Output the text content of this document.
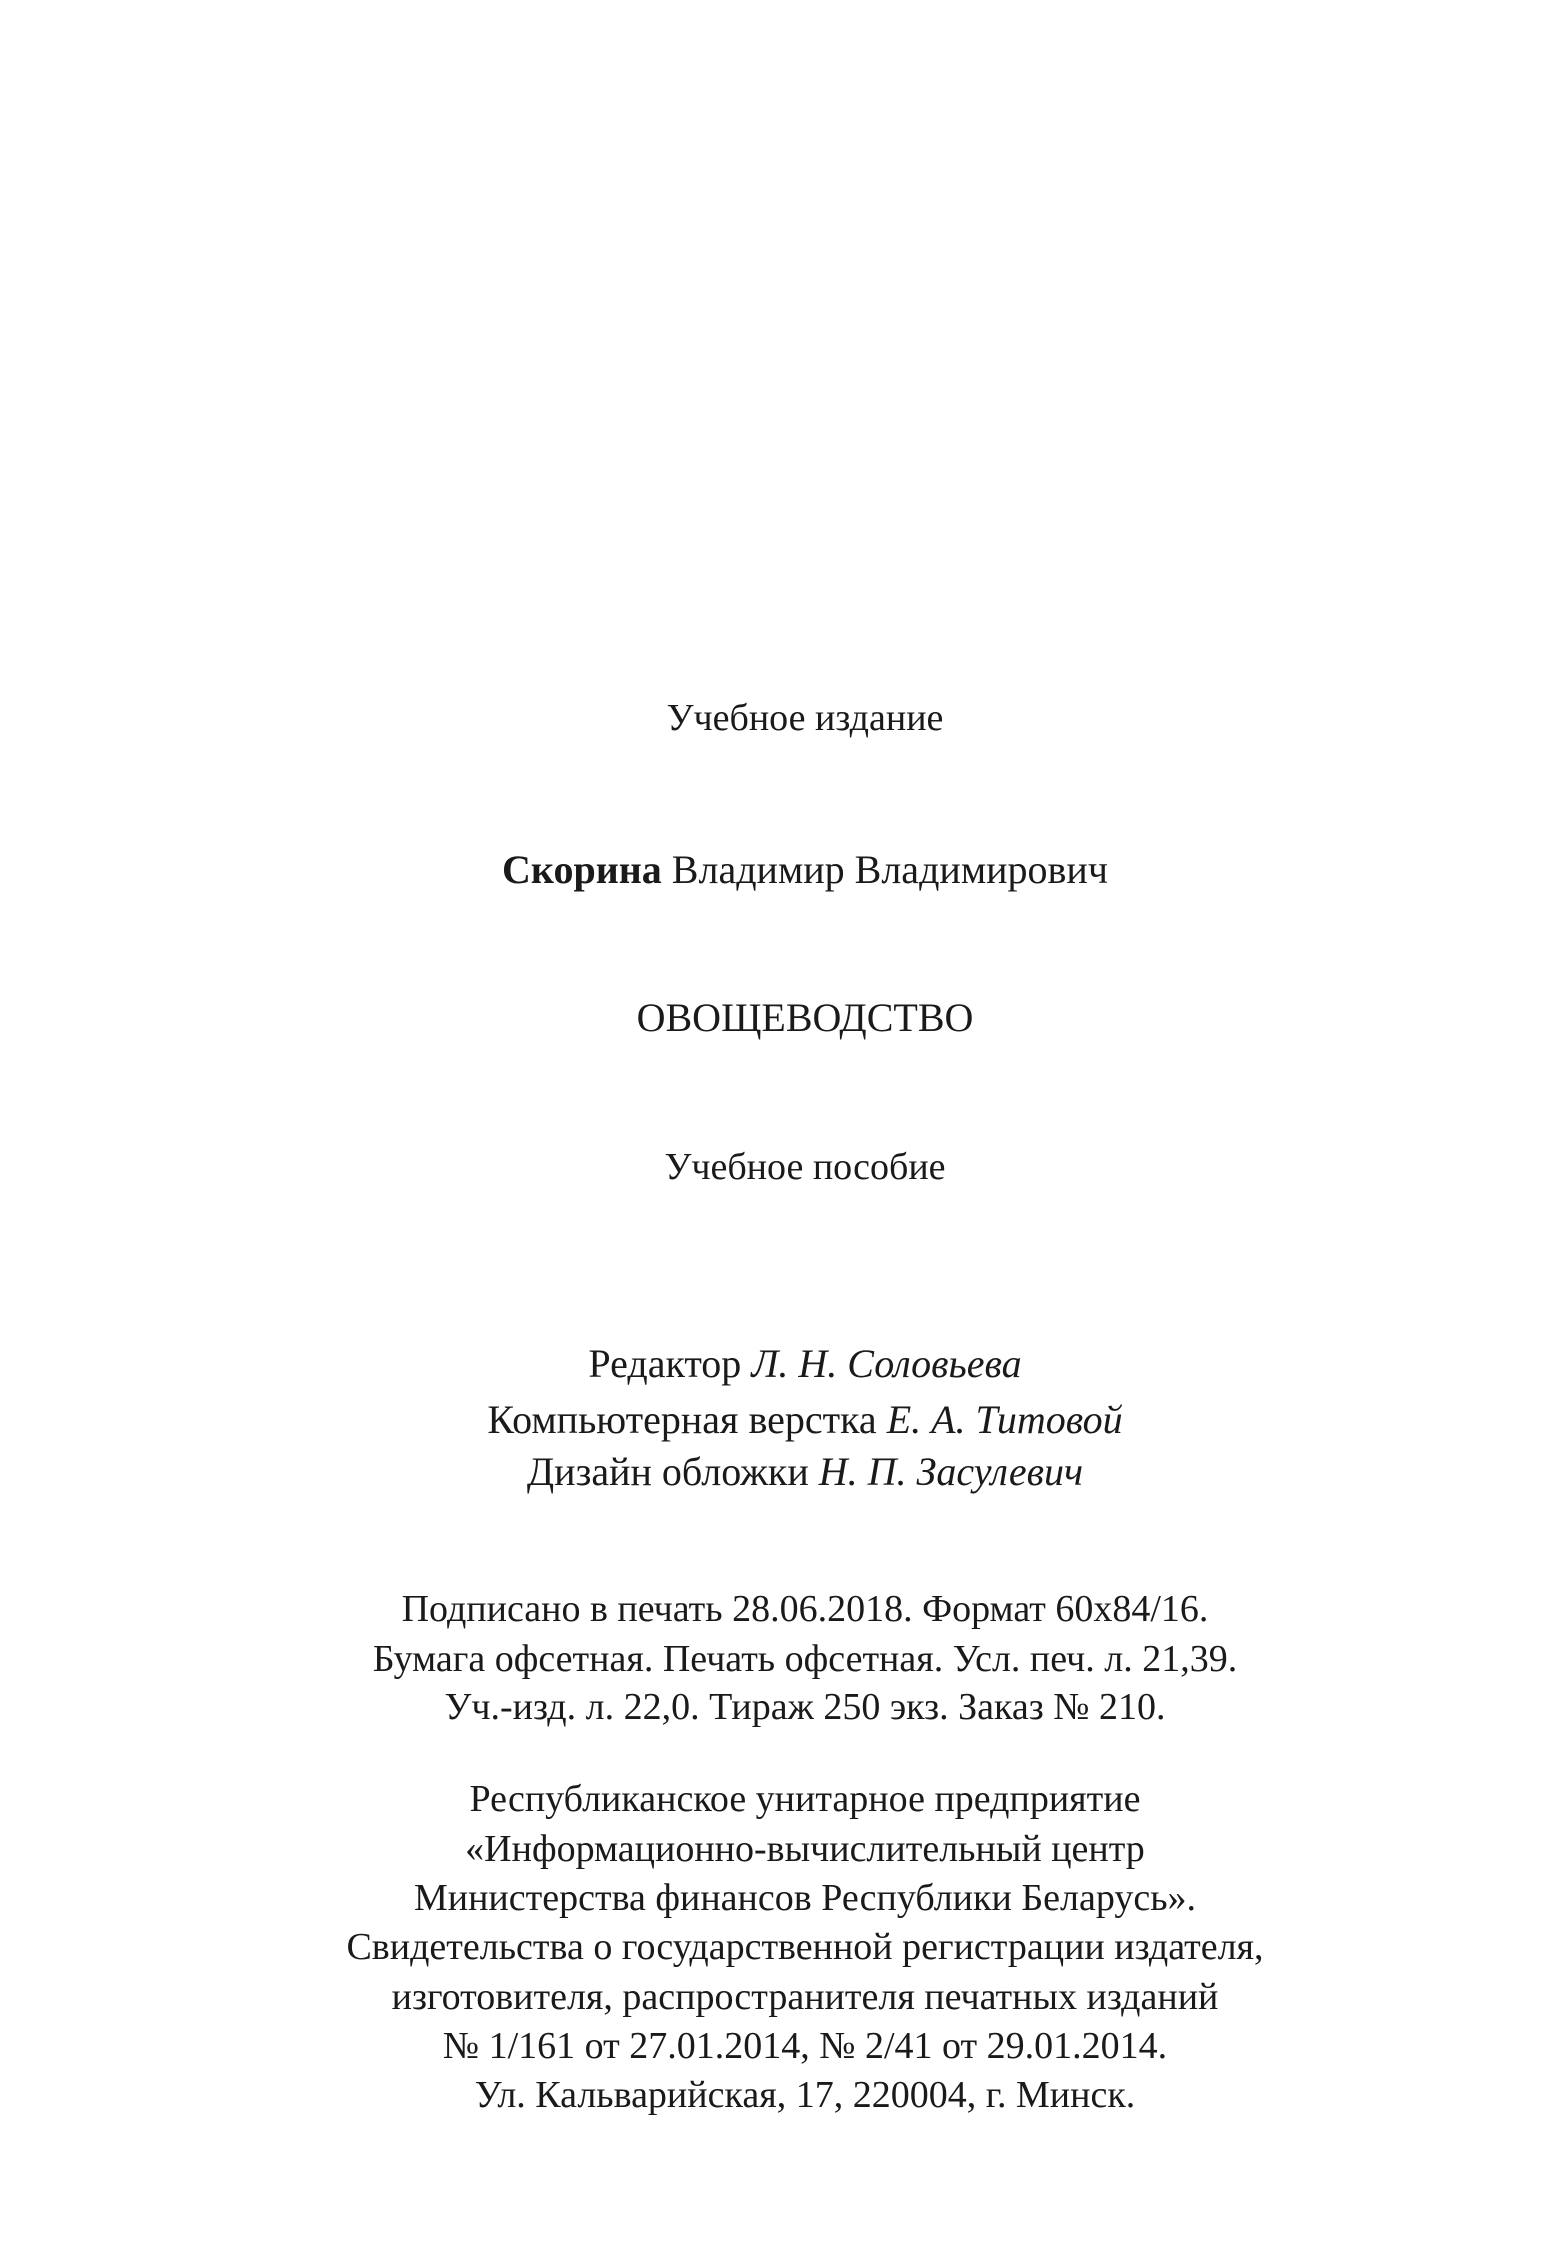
Учебное издание
Скорина Владимир Владимирович
ОВОЩЕВОДСТВО
Учебное пособие
Редактор Л. Н. Соловьева
Компьютерная верстка Е. А. Титовой
Дизайн обложки Н. П. Засулевич
Подписано в печать 28.06.2018. Формат 60x84/16.
Бумага офсетная. Печать офсетная. Усл. печ. л. 21,39.
Уч.-изд. л. 22,0. Тираж 250 экз. Заказ № 210.
Республиканское унитарное предприятие
«Информационно-вычислительный центр
Министерства финансов Республики Беларусь».
Свидетельства о государственной регистрации издателя,
изготовителя, распространителя печатных изданий
№ 1/161 от 27.01.2014, № 2/41 от 29.01.2014.
Ул. Кальварийская, 17, 220004, г. Минск.
